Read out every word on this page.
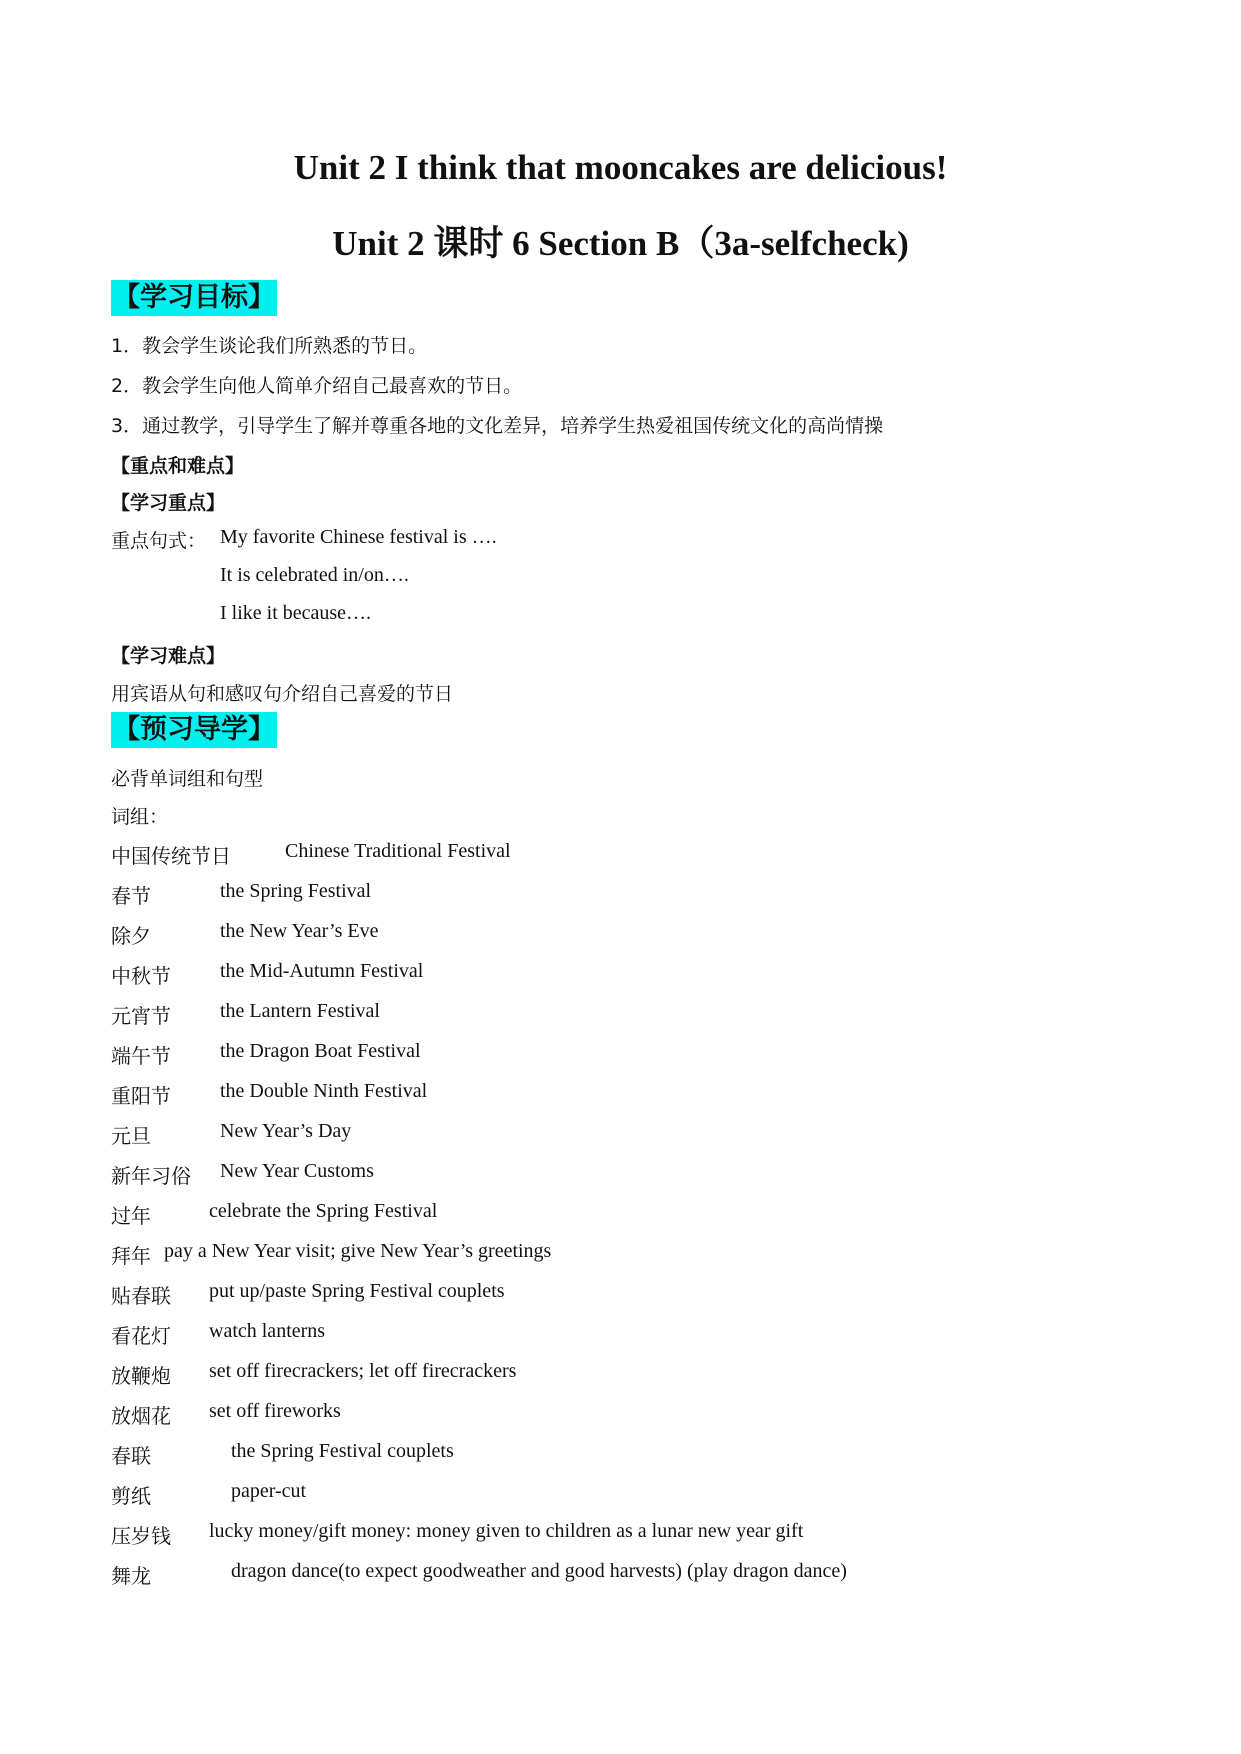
Unit 2 I think that mooncakes are delicious!
Unit 2 课时 6 Section B（3a-selfcheck)
【学习目标】
1．教会学生谈论我们所熟悉的节日。
2．教会学生向他人简单介绍自己最喜欢的节日。
3．通过教学，引导学生了解并尊重各地的文化差异，培养学生热爱祖国传统文化的高尚情操
【重点和难点】
【学习重点】
重点句式： My favorite Chinese festival is ….
It is celebrated in/on….
I like it because….
【学习难点】
用宾语从句和感叹句介绍自己喜爱的节日
【预习导学】
必背单词组和句型
词组：
中国传统节日	Chinese Traditional Festival
春节	the Spring Festival
除夕	the New Year’s Eve
中秋节 the Mid-Autumn Festival
元宵节 the Lantern Festival
端午节 the Dragon Boat Festival
重阳节 the Double Ninth Festival
元旦	New Year’s Day
新年习俗 New Year Customs
过年	celebrate the Spring Festival
拜年 pay a New Year visit; give New Year’s greetings
贴春联 put up/paste Spring Festival couplets
看花灯 watch lanterns
放鞭炮 set off firecrackers; let off firecrackers
放烟花 set off fireworks
春联	the Spring Festival couplets
剪纸	paper-cut
压岁钱 lucky money/gift money: money given to children as a lunar new year gift
舞龙	dragon dance(to expect goodweather and good harvests) (play dragon dance)
